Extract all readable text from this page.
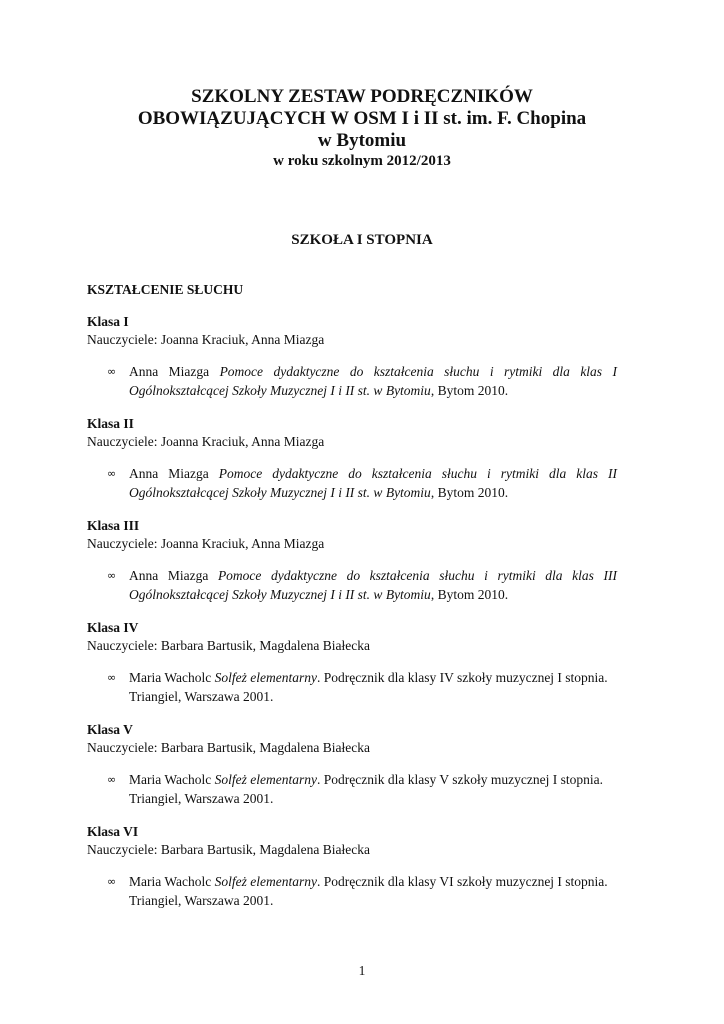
SZKOLNY ZESTAW PODRĘCZNIKÓW
OBOWIĄZUJĄCYCH W OSM I i II st. im. F. Chopina
w Bytomiu
w roku szkolnym 2012/2013
SZKOŁA I STOPNIA
KSZTAŁCENIE SŁUCHU

Klasa I

Nauczyciele: Joanna Kraciuk, Anna Miazga

∞ Anna Miazga Pomoce dydaktyczne do kształcenia słuchu i rytmiki dla klas I Ogólnokształcącej Szkoły Muzycznej I i II st. w Bytomiu, Bytom 2010.

Klasa II

Nauczyciele: Joanna Kraciuk, Anna Miazga

∞ Anna Miazga Pomoce dydaktyczne do kształcenia słuchu i rytmiki dla klas II Ogólnokształcącej Szkoły Muzycznej I i II st. w Bytomiu, Bytom 2010.

Klasa III

Nauczyciele: Joanna Kraciuk, Anna Miazga

∞ Anna Miazga Pomoce dydaktyczne do kształcenia słuchu i rytmiki dla klas III Ogólnokształcącej Szkoły Muzycznej I i II st. w Bytomiu, Bytom 2010.

Klasa IV

Nauczyciele: Barbara Bartusik, Magdalena Białecka

∞ Maria Wacholc Solfeż elementarny. Podręcznik dla klasy IV szkoły muzycznej I stopnia. Triangiel, Warszawa 2001.

Klasa V

Nauczyciele: Barbara Bartusik, Magdalena Białecka

∞ Maria Wacholc Solfeż elementarny. Podręcznik dla klasy V szkoły muzycznej I stopnia. Triangiel, Warszawa 2001.

Klasa VI

Nauczyciele: Barbara Bartusik, Magdalena Białecka

∞ Maria Wacholc Solfeż elementarny. Podręcznik dla klasy VI szkoły muzycznej I stopnia. Triangiel, Warszawa 2001.
1
